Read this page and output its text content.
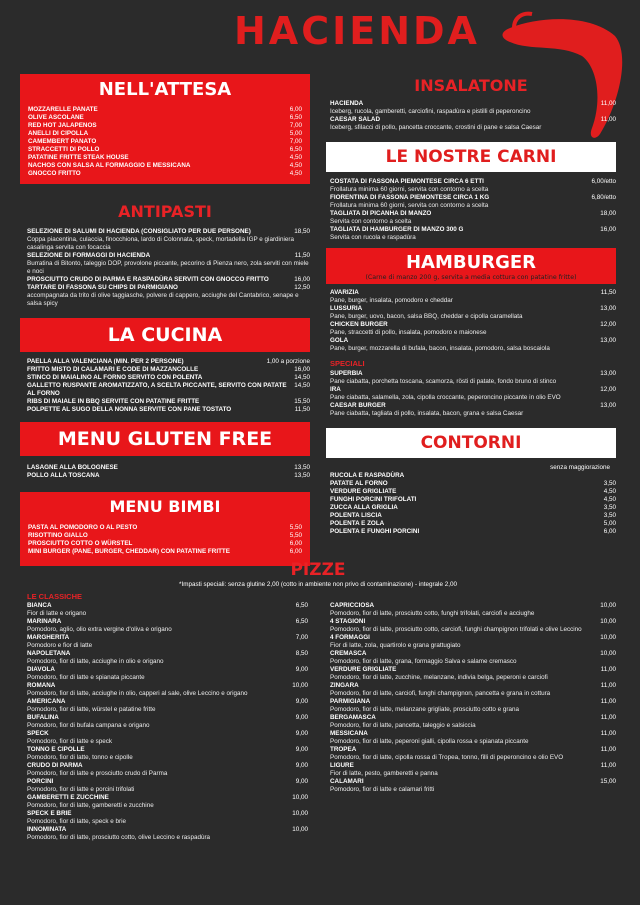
HACIENDA
NELL'ATTESA
MOZZARELLE PANATE	6,00
OLIVE ASCOLANE	6,50
RED HOT JALAPENOS	7,00
ANELLI DI CIPOLLA	5,00
CAMEMBERT PANATO	7,00
STRACCETTI DI POLLO	6,50
PATATINE FRITTE STEAK HOUSE	4,50
NACHOS CON SALSA AL FORMAGGIO E MESSICANA	4,50
GNOCCO FRITTO	4,50
ANTIPASTI
SELEZIONE DI SALUMI DI HACIENDA (CONSIGLIATO PER DUE PERSONE)	18,50
Coppa piacentina, culaccia, finocchiona, lardo di Colonnata, speck, mortadella IGP e giardiniera casalinga servita con focaccia
SELEZIONE DI FORMAGGI DI HACIENDA	11,50
Burratina di Bitonto, taleggio DOP, provolone piccante, pecorino di Pienza nero, zola serviti con miele e noci
PROSCIUTTO CRUDO DI PARMA E RASPADÙRA SERVITI CON GNOCCO FRITTO	16,00
TARTARE DI FASSONA SU CHIPS DI PARMIGIANO	12,50
accompagnata da trito di olive taggiasche, polvere di cappero, acciughe del Cantabrico, senape e salsa spicy
LA CUCINA
PAELLA ALLA VALENCIANA (MIN. PER 2 PERSONE)	1,00 a porzione
FRITTO MISTO DI CALAMARI E CODE DI MAZZANCOLLE	16,00
STINCO DI MAIALINO AL FORNO SERVITO CON POLENTA	14,50
GALLETTO RUSPANTE AROMATIZZATO, A SCELTA PICCANTE, SERVITO CON PATATE AL FORNO
14,50
RIBS DI MAIALE IN BBQ SERVITE CON PATATINE FRITTE	15,50
POLPETTE AL SUGO DELLA NONNA SERVITE CON PANE TOSTATO	11,50
MENU GLUTEN FREE
LASAGNE ALLA BOLOGNESE	13,50
POLLO ALLA TOSCANA	13,50
MENU BIMBI
PASTA AL POMODORO O AL PESTO	5,50
RISOTTINO GIALLO	5,50
PROSCIUTTO COTTO O WÜRSTEL	6,00
MINI BURGER (PANE, BURGER, CHEDDAR) CON PATATINE FRITTE	6,00
INSALATONE
HACIENDA	11,00
Iceberg, rucola, gamberetti, carciofini, raspadùra e pistilli di peperoncino
CAESAR SALAD	11,00
Iceberg, sfilacci di pollo, pancetta croccante, crostini di pane e salsa Caesar
LE NOSTRE CARNI
COSTATA DI FASSONA PIEMONTESE CIRCA 6 ETTI	6,00/etto
Frollatura minima 60 giorni, servita con contorno a scelta
FIORENTINA DI FASSONA PIEMONTESE CIRCA 1 KG	6,80/etto
Frollatura minima 60 giorni, servita con contorno a scelta
TAGLIATA DI PICANHA DI MANZO	18,00
Servita con contorno a scelta
TAGLIATA DI HAMBURGER DI MANZO 300 G	16,00
Servita con rucola e raspadùra
HAMBURGER
(Carne di manzo 200 g, servita a media cottura con patatine fritte)
AVARIZIA	11,50
Pane, burger, insalata, pomodoro e cheddar
LUSSURIA	13,00
Pane, burger, uovo, bacon, salsa BBQ, cheddar e cipolla caramellata
CHICKEN BURGER	12,00
Pane, straccetti di pollo, insalata, pomodoro e maionese
GOLA	13,00
Pane, burger, mozzarella di bufala, bacon, insalata, pomodoro, salsa boscaiola
SPECIALI
SUPERBIA	13,00
Pane ciabatta, porchetta toscana, scamorza, rösti di patate, fondo bruno di stinco
IRA	12,00
Pane ciabatta, salamella, zola, cipolla croccante, peperoncino piccante in olio EVO
CAESAR BURGER	13,00
Pane ciabatta, tagliata di pollo, insalata, bacon, grana e salsa Caesar
CONTORNI
senza maggiorazione
RUCOLA E RASPADÙRA
PATATE AL FORNO	3,50
VERDURE GRIGLIATE	4,50
FUNGHI PORCINI TRIFOLATI	4,50
ZUCCA ALLA GRIGLIA	3,50
POLENTA LISCIA	3,50
POLENTA E ZOLA	5,00
POLENTA E FUNGHI PORCINI	6,00
PIZZE
*Impasti speciali: senza glutine 2,00 (cotto in ambiente non privo di contaminazione) - integrale 2,00
LE CLASSICHE
BIANCA	6,50
Fior di latte e origano
MARINARA	6,50
Pomodoro, aglio, olio extra vergine d'oliva e origano
MARGHERITA	7,00
Pomodoro e fior di latte
NAPOLETANA	8,50
Pomodoro, fior di latte, acciughe in olio e origano
DIAVOLA	9,00
Pomodoro, fior di latte e spianata piccante
ROMANA	10,00
Pomodoro, fior di latte, acciughe in olio, capperi al sale, olive Leccino e origano
AMERICANA	9,00
Pomodoro, fior di latte, würstel e patatine fritte
BUFALINA	9,00
Pomodoro, fior di bufala campana e origano
SPECK	9,00
Pomodoro, fior di latte e speck
TONNO E CIPOLLE	9,00
Pomodoro, fior di latte, tonno e cipolle
CRUDO DI PARMA	9,00
Pomodoro, fior di latte e prosciutto crudo di Parma
PORCINI	9,00
Pomodoro, fior di latte e porcini trifolati
GAMBERETTI E ZUCCHINE	10,00
Pomodoro, fior di latte, gamberetti e zucchine
SPECK E BRIE	10,00
Pomodoro, fior di latte, speck e brie
INNOMINATA	10,00
Pomodoro, fior di latte, prosciutto cotto, olive Leccino e raspadùra
CAPRICCIOSA	10,00
Pomodoro, fior di latte, prosciutto cotto, funghi trifolati, carciofi e acciughe
4 STAGIONI	10,00
Pomodoro, fior di latte, prosciutto cotto, carciofi, funghi champignon trifolati e olive Leccino
4 FORMAGGI	10,00
Fior di latte, zola, quartirolo e grana grattugiato
CREMASCA	10,00
Pomodoro, fior di latte, grana, formaggio Salva e salame cremasco
VERDURE GRIGLIATE	11,00
Pomodoro, fior di latte, zucchine, melanzane, indivia belga, peperoni e carciofi
ZINGARA	11,00
Pomodoro, fior di latte, carciofi, funghi champignon, pancetta e grana in cottura
PARMIGIANA	11,00
Pomodoro, fior di latte, melanzane grigliate, prosciutto cotto e grana
BERGAMASCA	11,00
Pomodoro, fior di latte, pancetta, taleggio e salsiccia
MESSICANA	11,00
Pomodoro, fior di latte, peperoni gialli, cipolla rossa e spianata piccante
TROPEA	11,00
Pomodoro, fior di latte, cipolla rossa di Tropea, tonno, filli di peperoncino e olio EVO
LIGURE	11,00
Fior di latte, pesto, gamberetti e panna
CALAMARI	15,00
Pomodoro, fior di latte e calamari fritti
